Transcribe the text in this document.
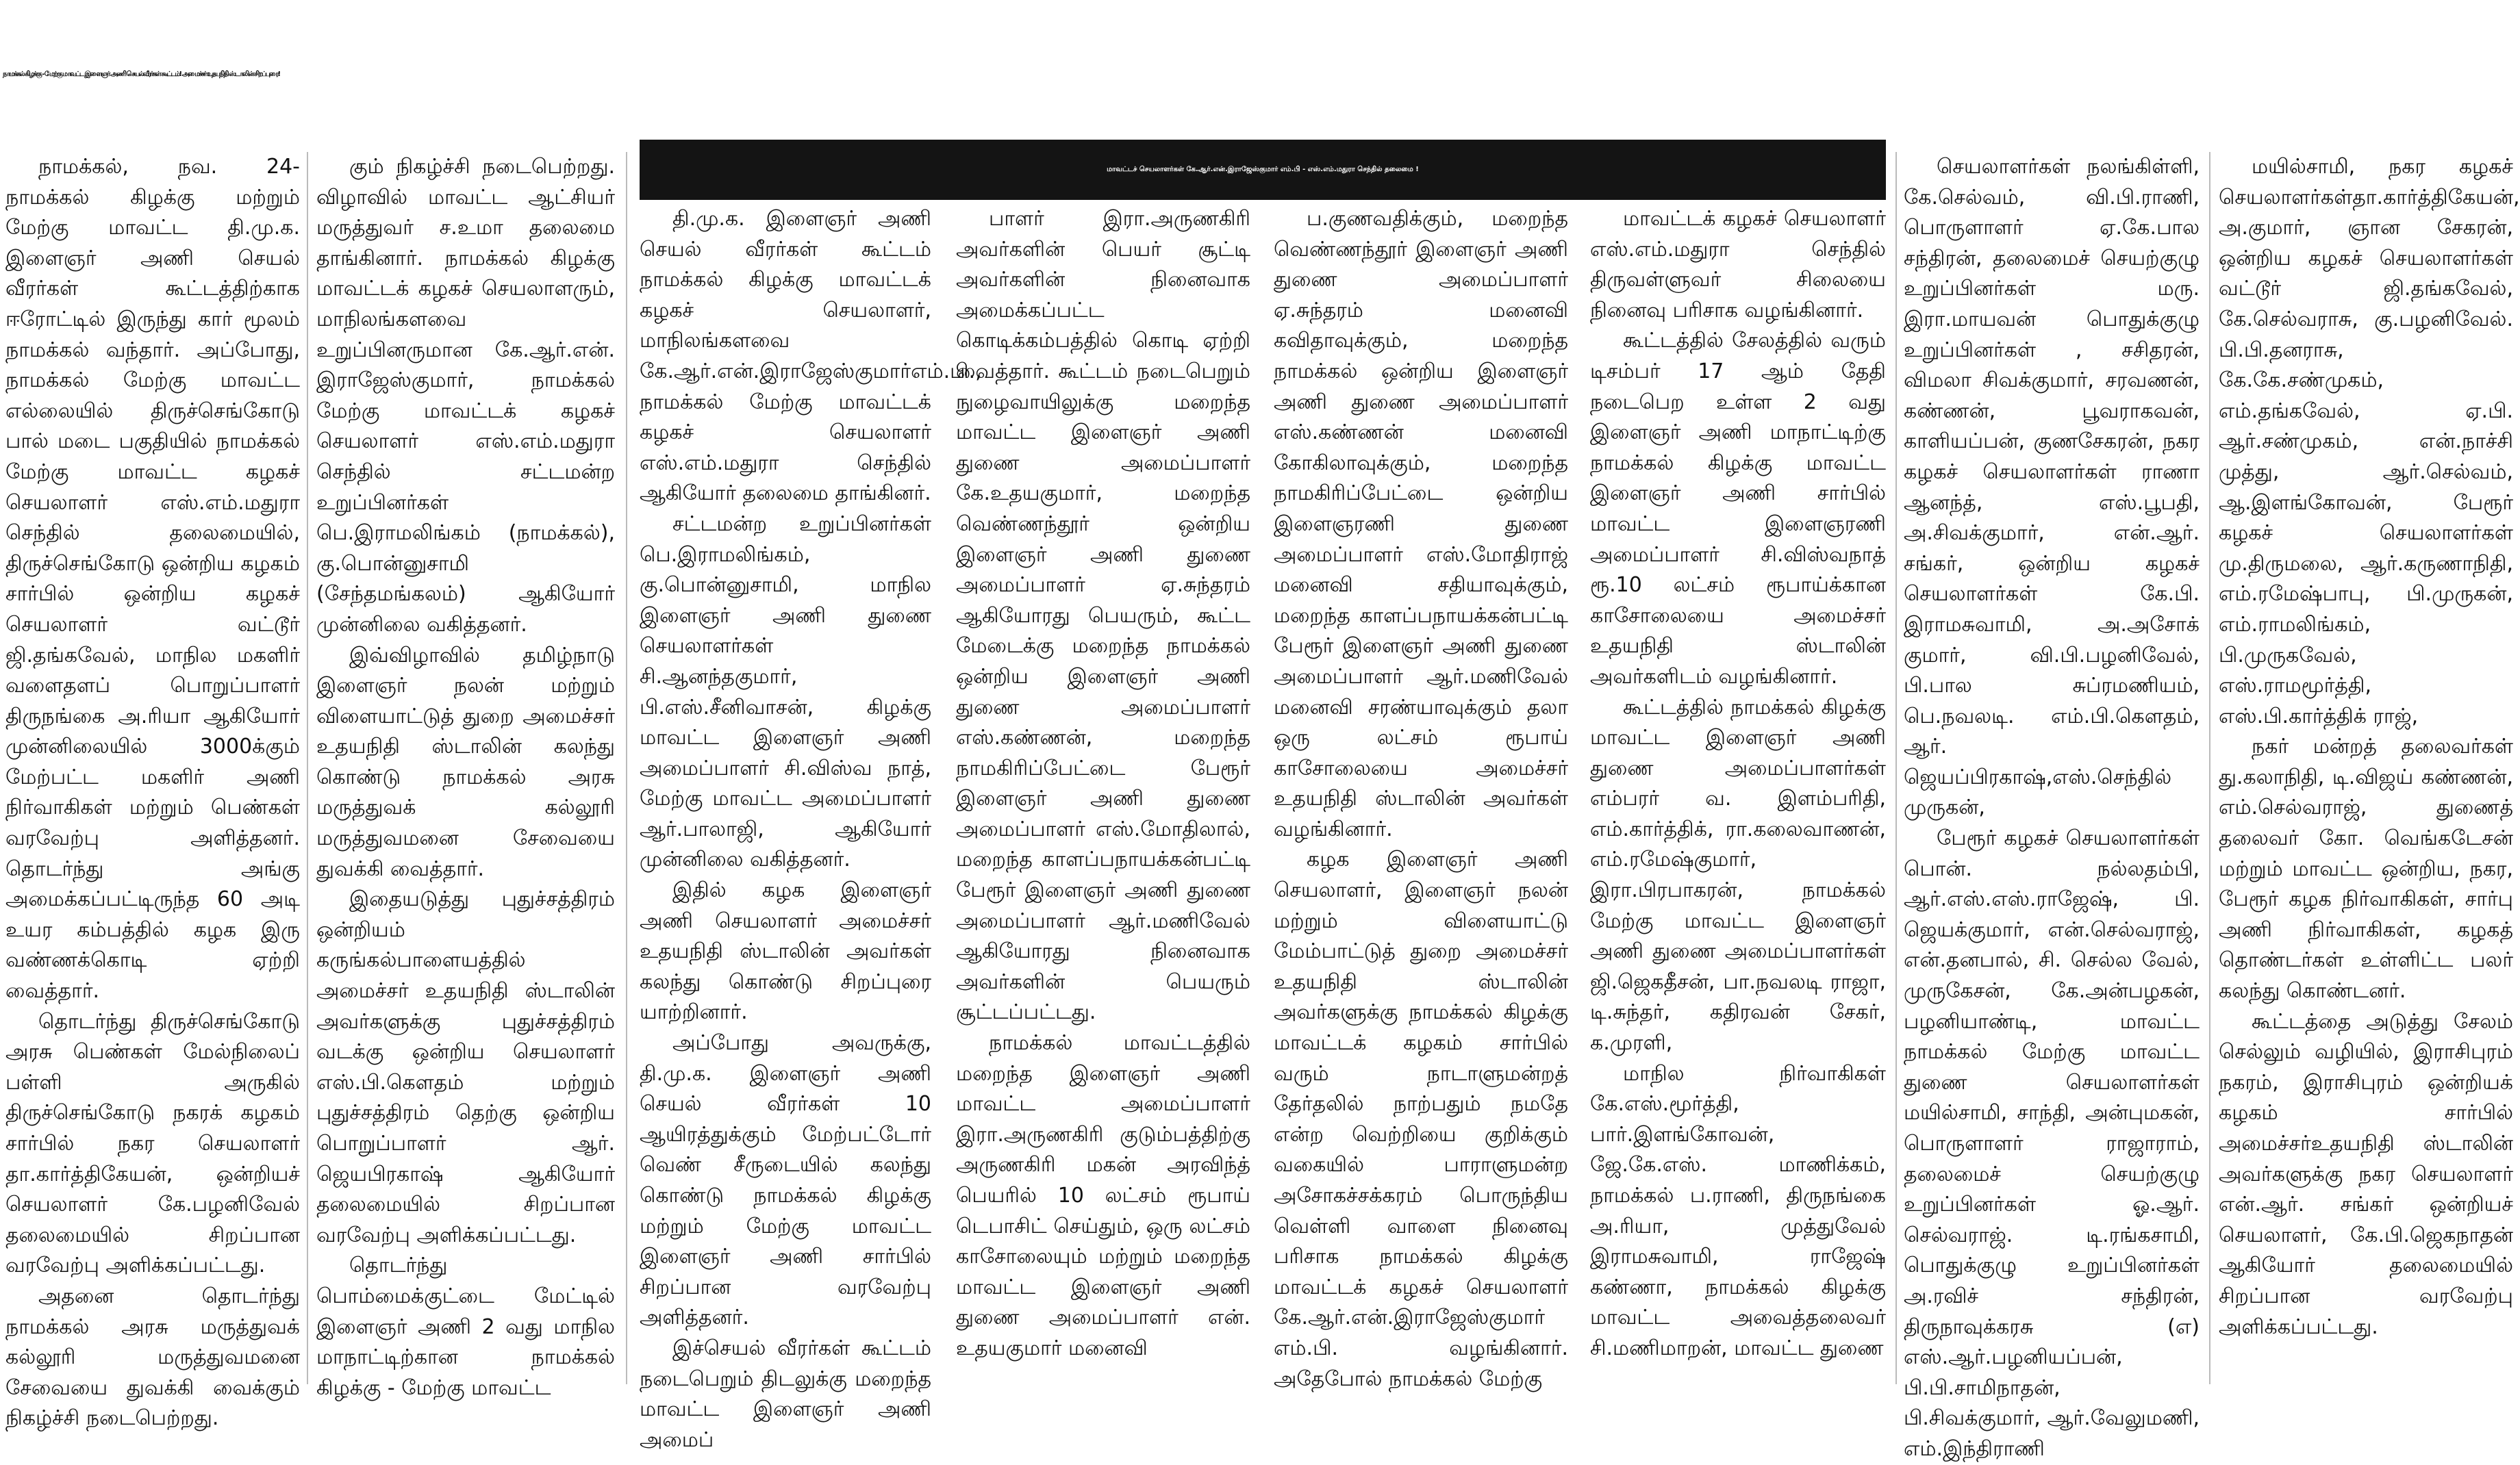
நாமக்கல் கிழக்கு - மேற்கு மாவட்ட இளைஞர் அணி செயல்வீரர்கள் கூட்டம்! அமைச்சர் உதயநிதி ஸ்டாலின் சிறப்புரை!

நாமக்கல், நவ. 24- நாமக்கல் கிழக்கு மற்றும் மேற்கு மாவட்ட தி.மு.க. இளைஞர் அணி செயல் வீரர்கள் கூட்டத்திற்காக ஈரோட்டில் இருந்து கார் மூலம் நாமக்கல் வந்தார். அப்போது, நாமக்கல் மேற்கு மாவட்ட எல்லையில் திருச்செங்கோடு பால் மடை பகுதியில் நாமக்கல் மேற்கு மாவட்ட கழகச் செயலாளர் எஸ்.எம்.மதுரா செந்தில் தலைமையில், திருச்செங்கோடு ஒன்றிய கழகம் சார்பில் ஒன்றிய கழகச் செயலாளர் வட்டூர் ஜி.தங்கவேல், மாநில மகளிர் வளைதளப் பொறுப்பாளர் திருநங்கை அ.ரியா ஆகியோர் முன்னிலையில் 3000க்கும் மேற்பட்ட மகளிர் அணி நிர்வாகிகள் மற்றும் பெண்கள் வரவேற்பு அளித்தனர். தொடர்ந்து அங்கு அமைக்கப்பட்டிருந்த 60 அடி உயர கம்பத்தில் கழக இரு வண்ணக்கொடி ஏற்றி வைத்தார்.

தொடர்ந்து திருச்செங்கோடு அரசு பெண்கள் மேல்நிலைப் பள்ளி அருகில் திருச்செங்கோடு நகரக் கழகம் சார்பில் நகர செயலாளர் தா.கார்த்திகேயன், ஒன்றியச் செயலாளர் கே.பழனிவேல் தலைமையில் சிறப்பான வரவேற்பு அளிக்கப்பட்டது.

அதனை தொடர்ந்து நாமக்கல் அரசு மருத்துவக் கல்லூரி மருத்துவமனை சேவையை துவக்கி வைக்கும் நிகழ்ச்சி நடைபெற்றது.

கும் நிகழ்ச்சி நடைபெற்றது. விழாவில் மாவட்ட ஆட்சியர் மருத்துவர் ச.உமா தலைமை தாங்கினார். நாமக்கல் கிழக்கு மாவட்டக் கழகச் செயலாளரும், மாநிலங்களவை உறுப்பினருமான கே.ஆர்.என். இராஜேஸ்குமார், நாமக்கல் மேற்கு மாவட்டக் கழகச் செயலாளர் எஸ்.எம்.மதுரா செந்தில் சட்டமன்ற உறுப்பினர்கள் பெ.இராமலிங்கம் (நாமக்கல்), கு.பொன்னுசாமி (சேந்தமங்கலம்) ஆகியோர் முன்னிலை வகித்தனர்.

இவ்விழாவில் தமிழ்நாடு இளைஞர் நலன் மற்றும் விளையாட்டுத் துறை அமைச்சர் உதயநிதி ஸ்டாலின் கலந்து கொண்டு நாமக்கல் அரசு மருத்துவக் கல்லூரி மருத்துவமனை சேவையை துவக்கி வைத்தார்.

இதையடுத்து புதுச்சத்திரம் ஒன்றியம் கருங்கல்பாளையத்தில் அமைச்சர் உதயநிதி ஸ்டாலின் அவர்களுக்கு புதுச்சத்திரம் வடக்கு ஒன்றிய செயலாளர் எஸ்.பி.கௌதம் மற்றும் புதுச்சத்திரம் தெற்கு ஒன்றிய பொறுப்பாளர் ஆர். ஜெயபிரகாஷ் ஆகியோர் தலைமையில் சிறப்பான வரவேற்பு அளிக்கப்பட்டது.

தொடர்ந்து பொம்மைக்குட்டை மேட்டில் இளைஞர் அணி 2 வது மாநில மாநாட்டிற்கான நாமக்கல் கிழக்கு - மேற்கு மாவட்ட

மாவட்டச் செயலாளர்கள் கே.ஆர்.என்.இராஜேஸ்குமார் எம்.பி - எஸ்.எம்.மதுரா செந்தில் தலைமை !

தி.மு.க. இளைஞர் அணி செயல் வீரர்கள் கூட்டம் நாமக்கல் கிழக்கு மாவட்டக் கழகச் செயலாளர், மாநிலங்களவை கே.ஆர்.என்.இராஜேஸ்குமார்எம்.பி., நாமக்கல் மேற்கு மாவட்டக் கழகச் செயலாளர் எஸ்.எம்.மதுரா செந்தில் ஆகியோர் தலைமை தாங்கினர்.

சட்டமன்ற உறுப்பினர்கள் பெ.இராமலிங்கம், கு.பொன்னுசாமி, மாநில இளைஞர் அணி துணை செயலாளர்கள் சி.ஆனந்தகுமார், பி.எஸ்.சீனிவாசன், கிழக்கு மாவட்ட இளைஞர் அணி அமைப்பாளர் சி.விஸ்வ நாத், மேற்கு மாவட்ட அமைப்பாளர் ஆர்.பாலாஜி, ஆகியோர் முன்னிலை வகித்தனர்.

இதில் கழக இளைஞர் அணி செயலாளர் அமைச்சர் உதயநிதி ஸ்டாலின் அவர்கள் கலந்து கொண்டு சிறப்புரை யாற்றினார்.

அப்போது அவருக்கு, தி.மு.க. இளைஞர் அணி செயல் வீரர்கள் 10 ஆயிரத்துக்கும் மேற்பட்டோர் வெண் சீருடையில் கலந்து கொண்டு நாமக்கல் கிழக்கு மற்றும் மேற்கு மாவட்ட இளைஞர் அணி சார்பில் சிறப்பான வரவேற்பு அளித்தனர்.

இச்செயல் வீரர்கள் கூட்டம் நடைபெறும் திடலுக்கு மறைந்த மாவட்ட இளைஞர் அணி அமைப்

பாளர் இரா.அருணகிரி அவர்களின் பெயர் சூட்டி அவர்களின் நினைவாக அமைக்கப்பட்ட கொடிக்கம்பத்தில் கொடி ஏற்றி வைத்தார். கூட்டம் நடைபெறும் நுழைவாயிலுக்கு மறைந்த மாவட்ட இளைஞர் அணி துணை அமைப்பாளர் கே.உதயகுமார், மறைந்த வெண்ணந்தூர் ஒன்றிய இளைஞர் அணி துணை அமைப்பாளர் ஏ.சுந்தரம் ஆகியோரது பெயரும், கூட்ட மேடைக்கு மறைந்த நாமக்கல் ஒன்றிய இளைஞர் அணி துணை அமைப்பாளர் எஸ்.கண்ணன், மறைந்த நாமகிரிப்பேட்டை பேரூர் இளைஞர் அணி துணை அமைப்பாளர் எஸ்.மோதிலால், மறைந்த காளப்பநாயக்கன்பட்டி பேரூர் இளைஞர் அணி துணை அமைப்பாளர் ஆர்.மணிவேல் ஆகியோரது நினைவாக அவர்களின் பெயரும் சூட்டப்பட்டது.

நாமக்கல் மாவட்டத்தில் மறைந்த இளைஞர் அணி மாவட்ட அமைப்பாளர் இரா.அருணகிரி குடும்பத்திற்கு அருணகிரி மகன் அரவிந்த் பெயரில் 10 லட்சம் ரூபாய் டெபாசிட் செய்தும், ஒரு லட்சம் காசோலையும் மற்றும் மறைந்த மாவட்ட இளைஞர் அணி துணை அமைப்பாளர் என். உதயகுமார் மனைவி

ப.குணவதிக்கும், மறைந்த வெண்ணந்தூர் இளைஞர் அணி துணை அமைப்பாளர் ஏ.சுந்தரம் மனைவி கவிதாவுக்கும், மறைந்த நாமக்கல் ஒன்றிய இளைஞர் அணி துணை அமைப்பாளர் எஸ்.கண்ணன் மனைவி கோகிலாவுக்கும், மறைந்த நாமகிரிப்பேட்டை ஒன்றிய இளைஞரணி துணை அமைப்பாளர் எஸ்.மோதிராஜ் மனைவி சதியாவுக்கும், மறைந்த காளப்பநாயக்கன்பட்டி பேரூர் இளைஞர் அணி துணை அமைப்பாளர் ஆர்.மணிவேல் மனைவி சரண்யாவுக்கும் தலா ஒரு லட்சம் ரூபாய் காசோலையை அமைச்சர் உதயநிதி ஸ்டாலின் அவர்கள் வழங்கினார்.

கழக இளைஞர் அணி செயலாளர், இளைஞர் நலன் மற்றும் விளையாட்டு மேம்பாட்டுத் துறை அமைச்சர் உதயநிதி ஸ்டாலின் அவர்களுக்கு நாமக்கல் கிழக்கு மாவட்டக் கழகம் சார்பில் வரும் நாடாளுமன்றத் தேர்தலில் நாற்பதும் நமதே என்ற வெற்றியை குறிக்கும் வகையில் பாராளுமன்ற அசோகச்சக்கரம் பொருந்திய வெள்ளி வாளை நினைவு பரிசாக நாமக்கல் கிழக்கு மாவட்டக் கழகச் செயலாளர் கே.ஆர்.என்.இராஜேஸ்குமார் எம்.பி. வழங்கினார். அதேபோல் நாமக்கல் மேற்கு

மாவட்டக் கழகச் செயலாளர் எஸ்.எம்.மதுரா செந்தில் திருவள்ளுவர் சிலையை நினைவு பரிசாக வழங்கினார்.

கூட்டத்தில் சேலத்தில் வரும் டிசம்பர் 17 ஆம் தேதி நடைபெற உள்ள 2 வது இளைஞர் அணி மாநாட்டிற்கு நாமக்கல் கிழக்கு மாவட்ட இளைஞர் அணி சார்பில் மாவட்ட இளைஞரணி அமைப்பாளர் சி.விஸ்வநாத் ரூ.10 லட்சம் ரூபாய்க்கான காசோலையை அமைச்சர் உதயநிதி ஸ்டாலின் அவர்களிடம் வழங்கினார்.

கூட்டத்தில் நாமக்கல் கிழக்கு மாவட்ட இளைஞர் அணி துணை அமைப்பாளர்கள் எம்பரர் வ. இளம்பரிதி, எம்.கார்த்திக், ரா.கலைவாணன், எம்.ரமேஷ்குமார், இரா.பிரபாகரன், நாமக்கல் மேற்கு மாவட்ட இளைஞர் அணி துணை அமைப்பாளர்கள் ஜி.ஜெகதீசன், பா.நவலடி ராஜா, டி.சுந்தர், கதிரவன் சேகர், க.முரளி,

மாநில நிர்வாகிகள் கே.எஸ்.மூர்த்தி, பார்.இளங்கோவன், ஜே.கே.எஸ். மாணிக்கம், நாமக்கல் ப.ராணி, திருநங்கை அ.ரியா, முத்துவேல் இராமசுவாமி, ராஜேஷ் கண்ணா, நாமக்கல் கிழக்கு மாவட்ட அவைத்தலைவர் சி.மணிமாறன், மாவட்ட துணை

செயலாளர்கள் நலங்கிள்ளி, கே.செல்வம், வி.பி.ராணி, பொருளாளர் ஏ.கே.பால சந்திரன், தலைமைச் செயற்குழு உறுப்பினர்கள் மரு. இரா.மாயவன் பொதுக்குழு உறுப்பினர்கள் , சசிதரன், விமலா சிவக்குமார், சரவணன், கண்ணன், பூவராகவன், காளியப்பன், குணசேகரன், நகர கழகச் செயலாளர்கள் ராணா ஆனந்த், எஸ்.பூபதி, அ.சிவக்குமார், என்.ஆர். சங்கர், ஒன்றிய கழகச் செயலாளர்கள் கே.பி. இராமசுவாமி, அ.அசோக் குமார், வி.பி.பழனிவேல், பி.பால சுப்ரமணியம், பெ.நவலடி. எம்.பி.கௌதம், ஆர். ஜெயப்பிரகாஷ்,எஸ்.செந்தில் முருகன்,

பேரூர் கழகச் செயலாளர்கள் பொன். நல்லதம்பி, ஆர்.எஸ்.எஸ்.ராஜேஷ், பி. ஜெயக்குமார், என்.செல்வராஜ், என்.தனபால், சி. செல்ல வேல், முருகேசன், கே.அன்பழகன், பழனியாண்டி, மாவட்ட நாமக்கல் மேற்கு மாவட்ட துணை செயலாளர்கள் மயில்சாமி, சாந்தி, அன்புமகன், பொருளாளர் ராஜாராம், தலைமைச் செயற்குழு உறுப்பினர்கள் ஓ.ஆர். செல்வராஜ். டி.ரங்கசாமி, பொதுக்குழு உறுப்பினர்கள் அ.ரவிச் சந்திரன், திருநாவுக்கரசு (எ) எஸ்.ஆர்.பழனியப்பன், பி.பி.சாமிநாதன், பி.சிவக்குமார், ஆர்.வேலுமணி, எம்.இந்திராணி

மயில்சாமி, நகர கழகச் செயலாளர்கள்தா.கார்த்திகேயன், அ.குமார், ஞான சேகரன், ஒன்றிய கழகச் செயலாளர்கள் வட்டூர் ஜி.தங்கவேல், கே.செல்வராசு, கு.பழனிவேல். பி.பி.தனராசு, கே.கே.சண்முகம், எம்.தங்கவேல், ஏ.பி. ஆர்.சண்முகம், என்.நாச்சி முத்து, ஆர்.செல்வம், ஆ.இளங்கோவன், பேரூர் கழகச் செயலாளர்கள் மு.திருமலை, ஆர்.கருணாநிதி, எம்.ரமேஷ்பாபு, பி.முருகன், எம்.ராமலிங்கம், பி.முருகவேல், எஸ்.ராமமூர்த்தி, எஸ்.பி.கார்த்திக் ராஜ்,

நகர் மன்றத் தலைவர்கள் து.கலாநிதி, டி.விஜய் கண்ணன், எம்.செல்வராஜ், துணைத் தலைவர் கோ. வெங்கடேசன் மற்றும் மாவட்ட ஒன்றிய, நகர, பேரூர் கழக நிர்வாகிகள், சார்பு அணி நிர்வாகிகள், கழகத் தொண்டர்கள் உள்ளிட்ட பலர் கலந்து கொண்டனர்.

கூட்டத்தை அடுத்து சேலம் செல்லும் வழியில், இராசிபுரம் நகரம், இராசிபுரம் ஒன்றியக் கழகம் சார்பில் அமைச்சர்உதயநிதி ஸ்டாலின் அவர்களுக்கு நகர செயலாளர் என்.ஆர். சங்கர் ஒன்றியச் செயலாளர், கே.பி.ஜெகநாதன் ஆகியோர் தலைமையில் சிறப்பான வரவேற்பு அளிக்கப்பட்டது.
